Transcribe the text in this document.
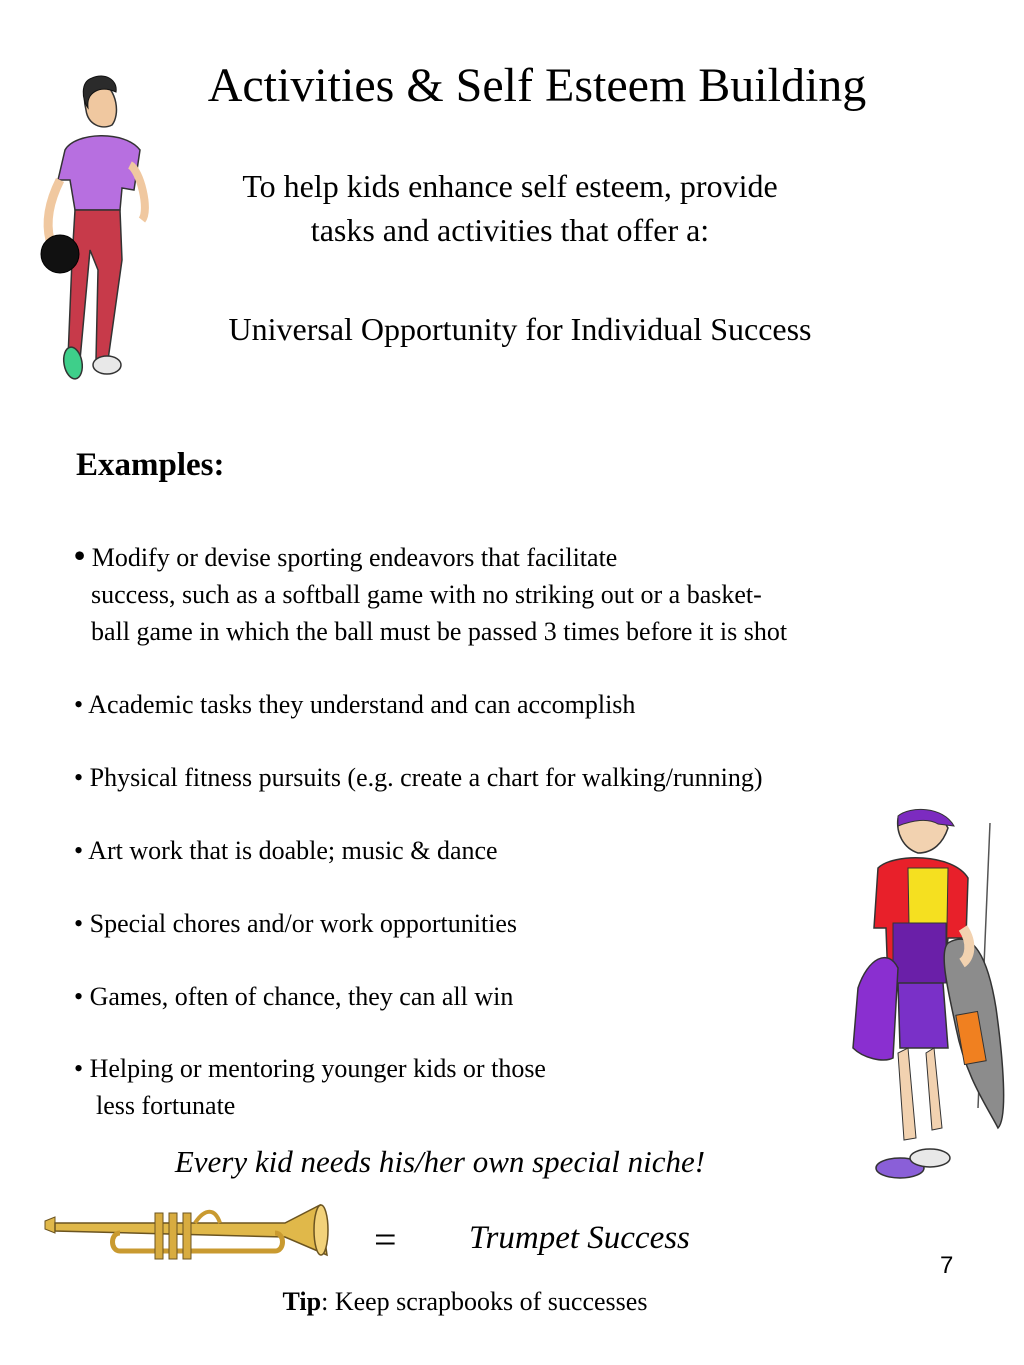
Activities & Self Esteem Building
To help kids enhance self esteem, provide
tasks and activities that offer a:
Universal Opportunity for Individual Success
Examples:
• Modify or devise sporting endeavors that facilitate
success, such as a softball game with no striking out or a basket-
ball game in which the ball must be passed 3 times before it is shot
• Academic tasks they understand and can accomplish
• Physical fitness pursuits (e.g. create a chart for walking/running)
• Art work that is doable; music & dance
• Special chores and/or work opportunities
• Games, often of chance, they can all win
• Helping or mentoring younger kids or those
less fortunate
Every kid needs his/her own special niche!
= Trumpet Success
7
Tip: Keep scrapbooks of successes
